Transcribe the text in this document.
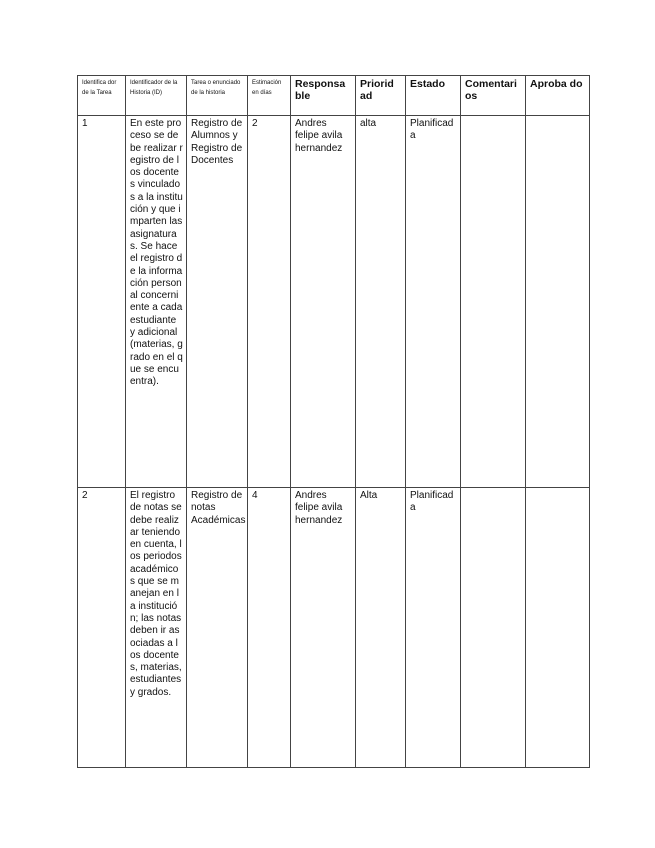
Identifica dor de la Tarea	Identificador de la Historia (ID)	Tarea o enunciado de la historia	Estimación en días	Responsa ble	Priorid ad	Estado	Comentari os	Aproba do
1	En este proceso se debe realizar registro de los docentes vinculados a la institución y que imparten las asignaturas. Se hace el registro de la información personal concerniente a cada estudiante y adicional (materias, grado en el que se encuentra).	Registro de Alumnos y Registro de Docentes	2	Andres felipe avila hernandez	alta	Planificada		

2	El registro de notas se debe realizar teniendo en cuenta, los periodos académicos que se manejan en la institución; las notas deben ir asociadas a los docentes, materias, estudiantes y grados.	Registro de notas Académicas	4	Andres felipe avila hernandez	Alta	Planificada		
